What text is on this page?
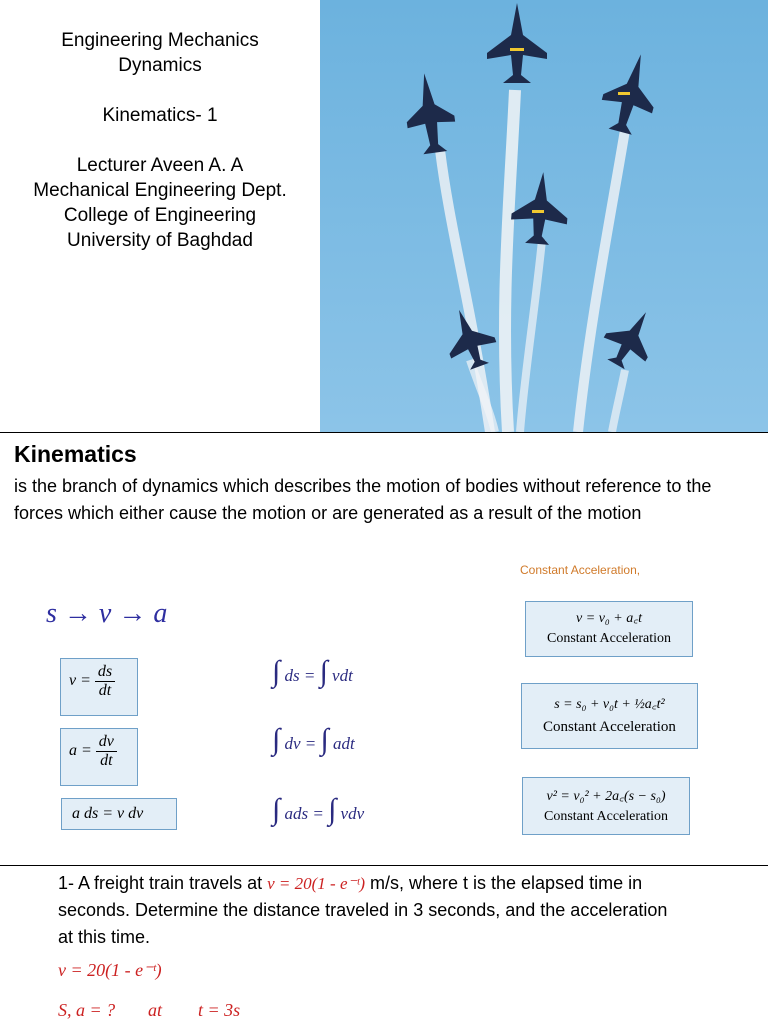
Engineering Mechanics
Dynamics
Kinematics- 1
Lecturer Aveen A. A
Mechanical Engineering Dept.
College of Engineering
University of Baghdad
Kinematics
is the branch of dynamics which describes the motion of bodies without reference to the forces which either cause the motion or are generated as a result of the motion
Constant Acceleration,
s → v → a
$v = \frac{ds}{dt}$
$a = \frac{dv}{dt}$
a ds = v dv
∫ ds = ∫ vdt
∫ dv = ∫ adt
∫ ads = ∫ vdv
v = v₀ + a꜀t
Constant Acceleration
s = s₀ + v₀t + ½a꜀t²
Constant Acceleration
v² = v₀² + 2a꜀(s − s₀)
Constant Acceleration
1- A freight train travels at v = 20(1 - e⁻ᵗ) m/s, where t is the elapsed time in
seconds. Determine the distance traveled in 3 seconds, and the acceleration
at this time.
v = 20(1 - e⁻ᵗ)
S, a = ? at t = 3s
